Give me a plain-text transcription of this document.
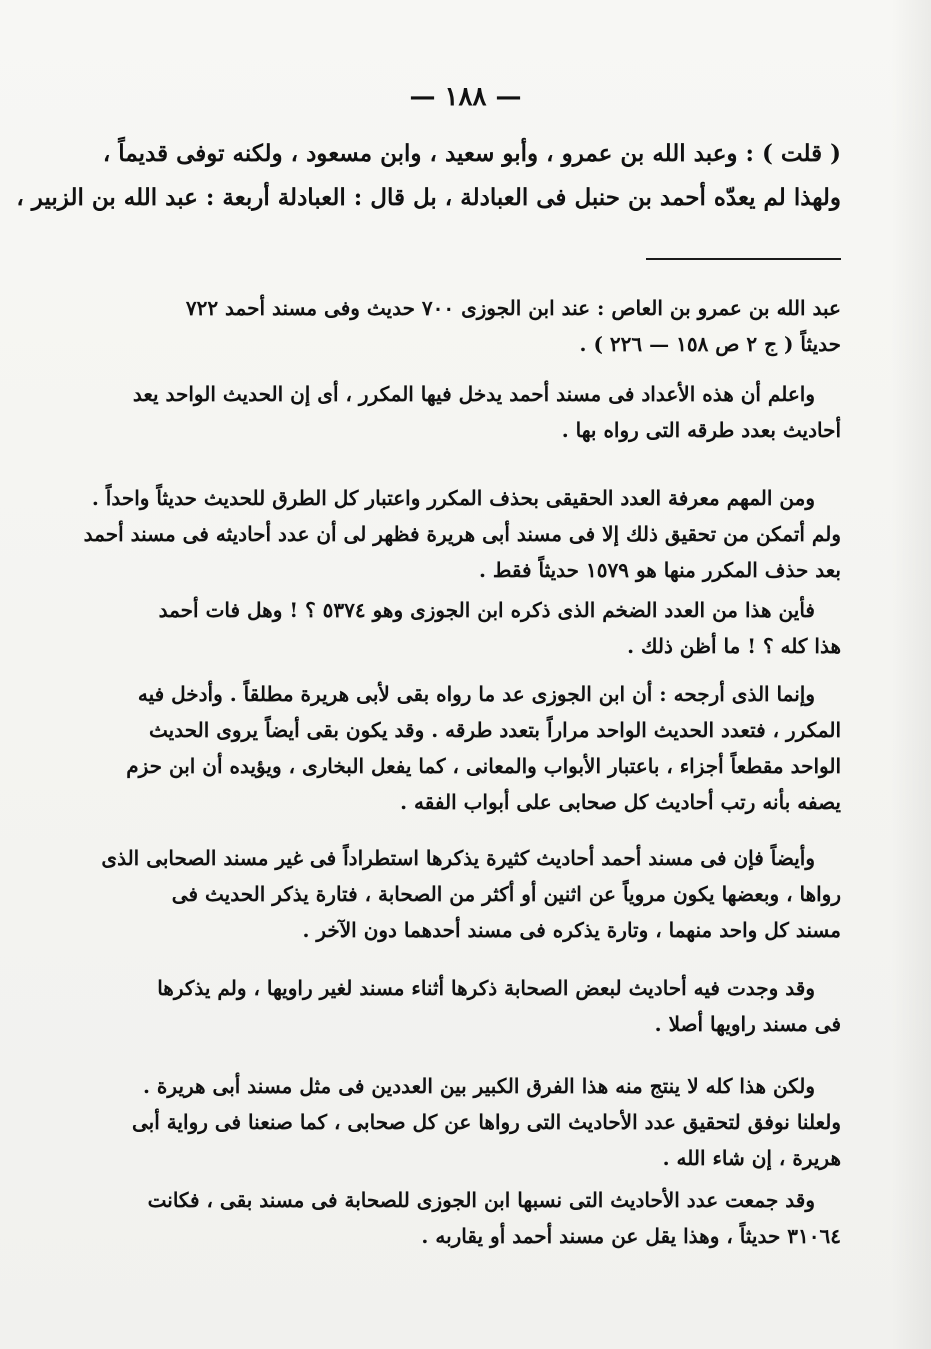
— ١٨٨ —
( قلت ) : وعبد الله بن عمرو ، وأبو سعيد ، وابن مسعود ، ولكنه توفى قديماً ،
ولهذا لم يعدّه أحمد بن حنبل فى العبادلة ، بل قال : العبادلة أربعة : عبد الله بن الزبير ،
عبد الله بن عمرو بن العاص : عند ابن الجوزى ٧٠٠ حديث وفى مسند أحمد ٧٢٢
حديثاً ( ج ٢ ص ١٥٨ — ٢٢٦ ) .
واعلم أن هذه الأعداد فى مسند أحمد يدخل فيها المكرر ، أى إن الحديث الواحد يعد
أحاديث بعدد طرقه التى رواه بها .
ومن المهم معرفة العدد الحقيقى بحذف المكرر واعتبار كل الطرق للحديث حديثاً واحداً .
ولم أتمكن من تحقيق ذلك إلا فى مسند أبى هريرة فظهر لى أن عدد أحاديثه فى مسند أحمد
بعد حذف المكرر منها هو ١٥٧٩ حديثاً فقط .
فأين هذا من العدد الضخم الذى ذكره ابن الجوزى وهو ٥٣٧٤ ؟ ! وهل فات أحمد
هذا كله ؟ ! ما أظن ذلك .
وإنما الذى أرجحه : أن ابن الجوزى عد ما رواه بقى لأبى هريرة مطلقاً . وأدخل فيه
المكرر ، فتعدد الحديث الواحد مراراً بتعدد طرقه . وقد يكون بقى أيضاً يروى الحديث
الواحد مقطعاً أجزاء ، باعتبار الأبواب والمعانى ، كما يفعل البخارى ، ويؤيده أن ابن حزم
يصفه بأنه رتب أحاديث كل صحابى على أبواب الفقه .
وأيضاً فإن فى مسند أحمد أحاديث كثيرة يذكرها استطراداً فى غير مسند الصحابى الذى
رواها ، وبعضها يكون مروياً عن اثنين أو أكثر من الصحابة ، فتارة يذكر الحديث فى
مسند كل واحد منهما ، وتارة يذكره فى مسند أحدهما دون الآخر .
وقد وجدت فيه أحاديث لبعض الصحابة ذكرها أثناء مسند لغير راويها ، ولم يذكرها
فى مسند راويها أصلا .
ولكن هذا كله لا ينتج منه هذا الفرق الكبير بين العددين فى مثل مسند أبى هريرة .
ولعلنا نوفق لتحقيق عدد الأحاديث التى رواها عن كل صحابى ، كما صنعنا فى رواية أبى
هريرة ، إن شاء الله .
وقد جمعت عدد الأحاديث التى نسبها ابن الجوزى للصحابة فى مسند بقى ، فكانت
٣١٠٦٤ حديثاً ، وهذا يقل عن مسند أحمد أو يقاربه .
